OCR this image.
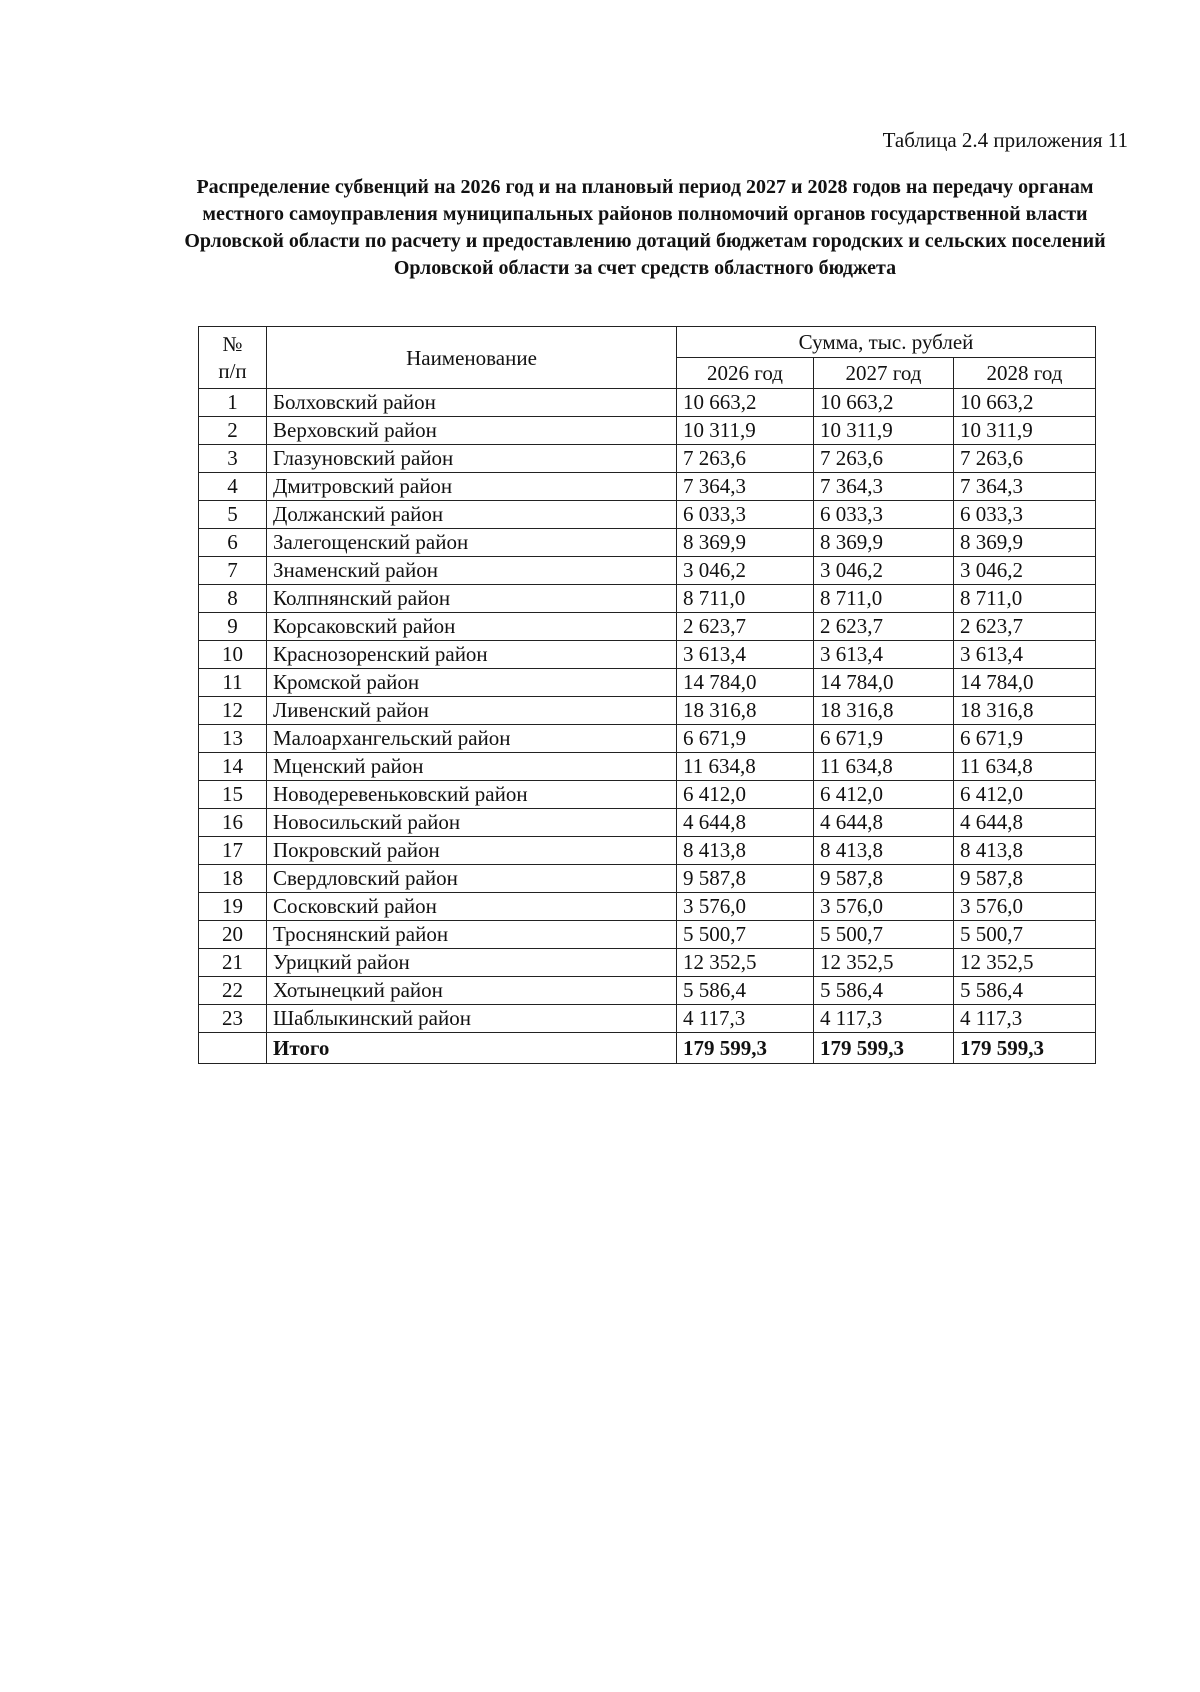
Таблица 2.4 приложения 11
Распределение субвенций на 2026 год и на плановый период 2027 и 2028 годов на передачу органам местного самоуправления муниципальных районов полномочий органов государственной власти Орловской области по расчету и предоставлению дотаций бюджетам городских и сельских поселений Орловской области за счет средств областного бюджета
№
п/п	Наименование	Сумма, тыс. рублей		
		2026 год	2027 год	2028 год
1	Болховский район	10 663,2	10 663,2	10 663,2
2	Верховский район	10 311,9	10 311,9	10 311,9
3	Глазуновский район	7 263,6	7 263,6	7 263,6
4	Дмитровский район	7 364,3	7 364,3	7 364,3
5	Должанский район	6 033,3	6 033,3	6 033,3
6	Залегощенский район	8 369,9	8 369,9	8 369,9
7	Знаменский район	3 046,2	3 046,2	3 046,2
8	Колпнянский район	8 711,0	8 711,0	8 711,0
9	Корсаковский район	2 623,7	2 623,7	2 623,7
10	Краснозоренский район	3 613,4	3 613,4	3 613,4
11	Кромской район	14 784,0	14 784,0	14 784,0
12	Ливенский район	18 316,8	18 316,8	18 316,8
13	Малоархангельский район	6 671,9	6 671,9	6 671,9
14	Мценский район	11 634,8	11 634,8	11 634,8
15	Новодеревеньковский район	6 412,0	6 412,0	6 412,0
16	Новосильский район	4 644,8	4 644,8	4 644,8
17	Покровский район	8 413,8	8 413,8	8 413,8
18	Свердловский район	9 587,8	9 587,8	9 587,8
19	Сосковский район	3 576,0	3 576,0	3 576,0
20	Троснянский район	5 500,7	5 500,7	5 500,7
21	Урицкий район	12 352,5	12 352,5	12 352,5
22	Хотынецкий район	5 586,4	5 586,4	5 586,4
23	Шаблыкинский район	4 117,3	4 117,3	4 117,3
	Итого	179 599,3	179 599,3	179 599,3
